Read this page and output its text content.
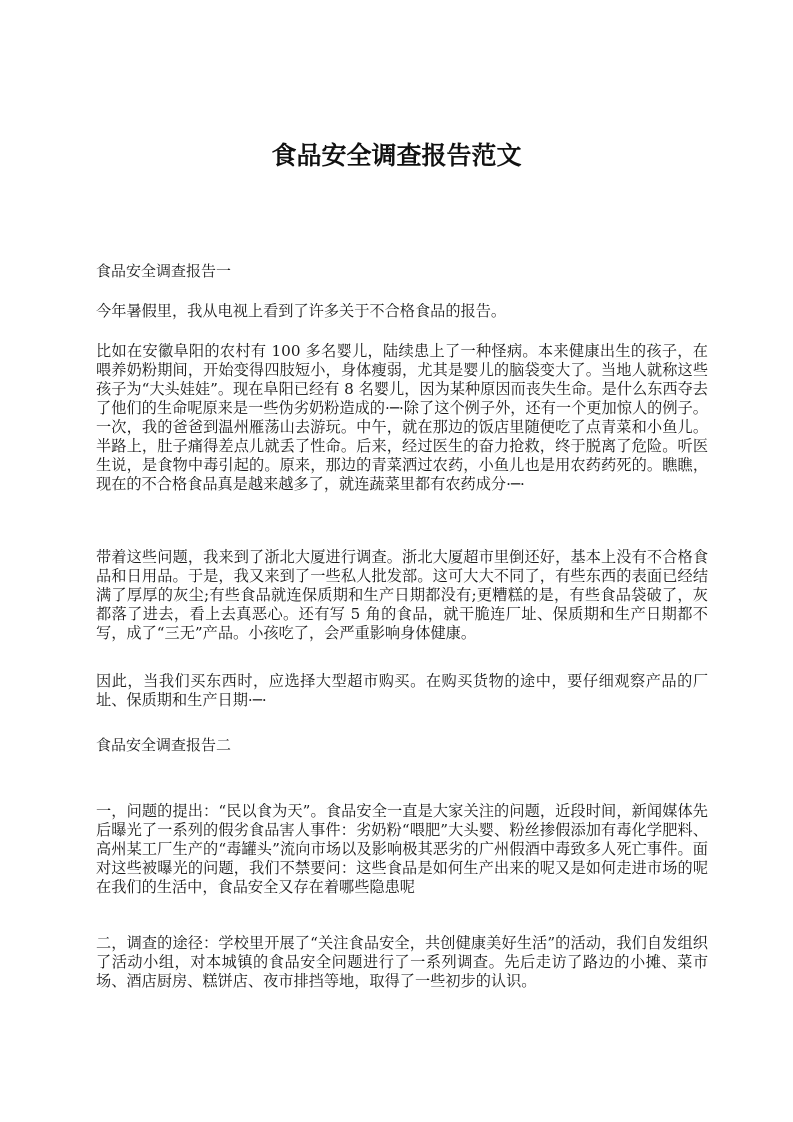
食品安全调查报告范文

食品安全调查报告一

今年暑假里，我从电视上看到了许多关于不合格食品的报告。

比如在安徽阜阳的农村有 100 多名婴儿，陆续患上了一种怪病。本来健康出生的孩子，在喂养奶粉期间，开始变得四肢短小，身体瘦弱，尤其是婴儿的脑袋变大了。当地人就称这些孩子为“大头娃娃”。现在阜阳已经有 8 名婴儿，因为某种原因而丧失生命。是什么东西夺去了他们的生命呢原来是一些伪劣奶粉造成的·─·除了这个例子外，还有一个更加惊人的例子。一次，我的爸爸到温州雁荡山去游玩。中午，就在那边的饭店里随便吃了点青菜和小鱼儿。半路上，肚子痛得差点儿就丢了性命。后来，经过医生的奋力抢救，终于脱离了危险。听医生说，是食物中毒引起的。原来，那边的青菜洒过农药，小鱼儿也是用农药药死的。瞧瞧，现在的不合格食品真是越来越多了，就连蔬菜里都有农药成分·─·

带着这些问题，我来到了浙北大厦进行调查。浙北大厦超市里倒还好，基本上没有不合格食品和日用品。于是，我又来到了一些私人批发部。这可大大不同了，有些东西的表面已经结满了厚厚的灰尘;有些食品就连保质期和生产日期都没有;更糟糕的是，有些食品袋破了，灰都落了进去，看上去真恶心。还有写 5 角的食品，就干脆连厂址、保质期和生产日期都不写，成了“三无”产品。小孩吃了，会严重影响身体健康。

因此，当我们买东西时，应选择大型超市购买。在购买货物的途中，要仔细观察产品的厂址、保质期和生产日期·─·

食品安全调查报告二

一，问题的提出：“民以食为天”。食品安全一直是大家关注的问题，近段时间，新闻媒体先后曝光了一系列的假劣食品害人事件：劣奶粉“喂肥”大头婴、粉丝掺假添加有毒化学肥料、高州某工厂生产的“毒罐头”流向市场以及影响极其恶劣的广州假酒中毒致多人死亡事件。面对这些被曝光的问题，我们不禁要问：这些食品是如何生产出来的呢又是如何走进市场的呢在我们的生活中，食品安全又存在着哪些隐患呢

二，调查的途径：学校里开展了“关注食品安全，共创健康美好生活”的活动，我们自发组织了活动小组，对本城镇的食品安全问题进行了一系列调查。先后走访了路边的小摊、菜市场、酒店厨房、糕饼店、夜市排挡等地，取得了一些初步的认识。
